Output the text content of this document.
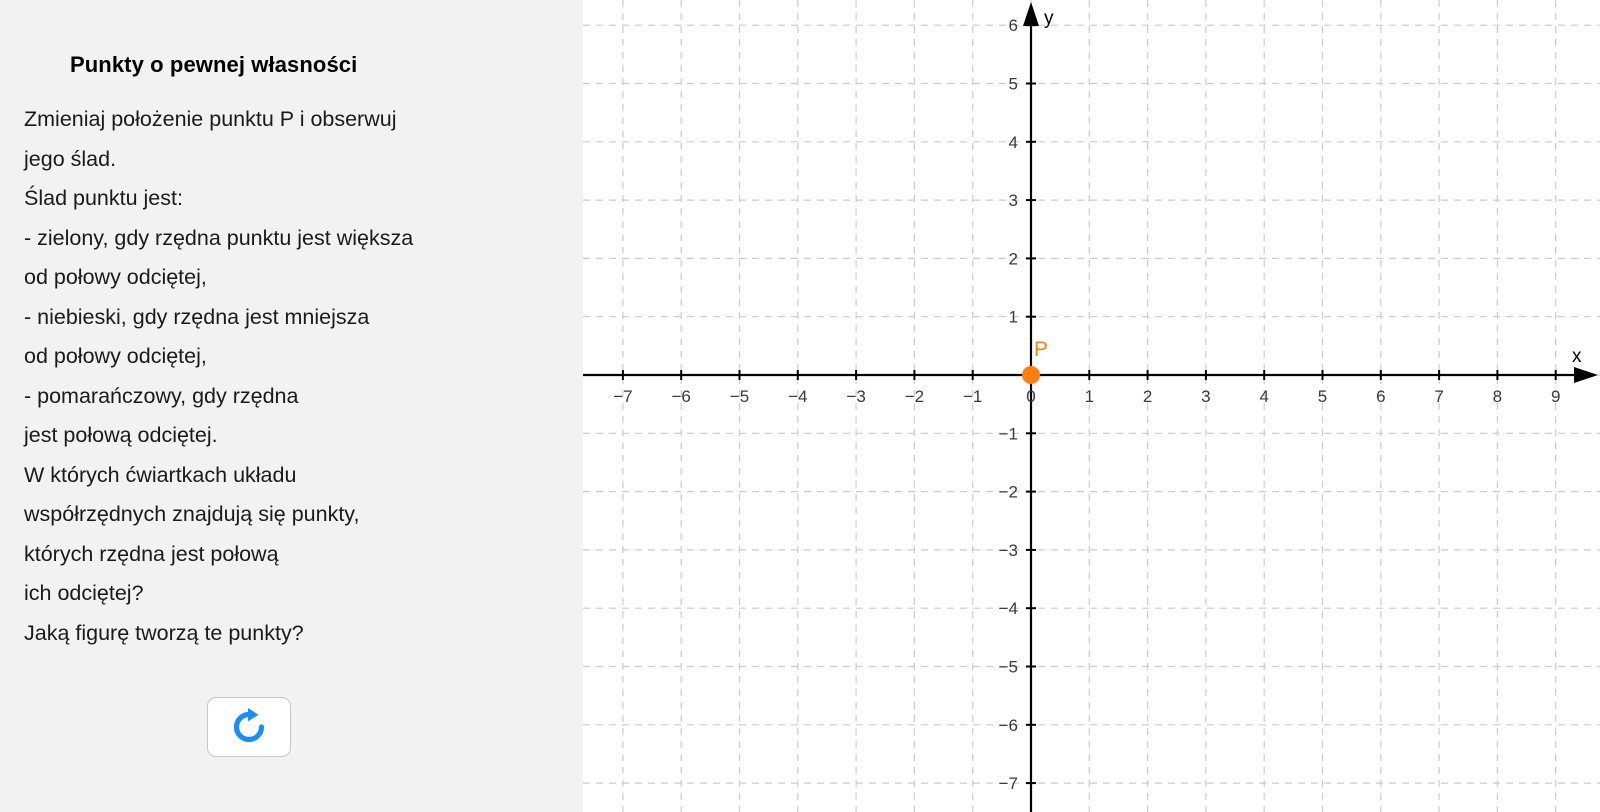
Punkty o pewnej własności
Zmieniaj położenie punktu P i obserwuj
jego ślad.
Ślad punktu jest:
- zielony, gdy rzędna punktu jest większa
od połowy odciętej,
- niebieski, gdy rzędna jest mniejsza
od połowy odciętej,
- pomarańczowy, gdy rzędna
jest połową odciętej.
W których ćwiartkach układu
współrzędnych znajdują się punkty,
których rzędna jest połową
ich odciętej?
Jaką figurę tworzą te punkty?
−7 −6 −5 −4 −3 −2 −1	0	1	2	3	4	5	6	7	8	9
−7
−6
−5
−4
−3
−2
−1
1
2
3
4
5
6
x
y
P
